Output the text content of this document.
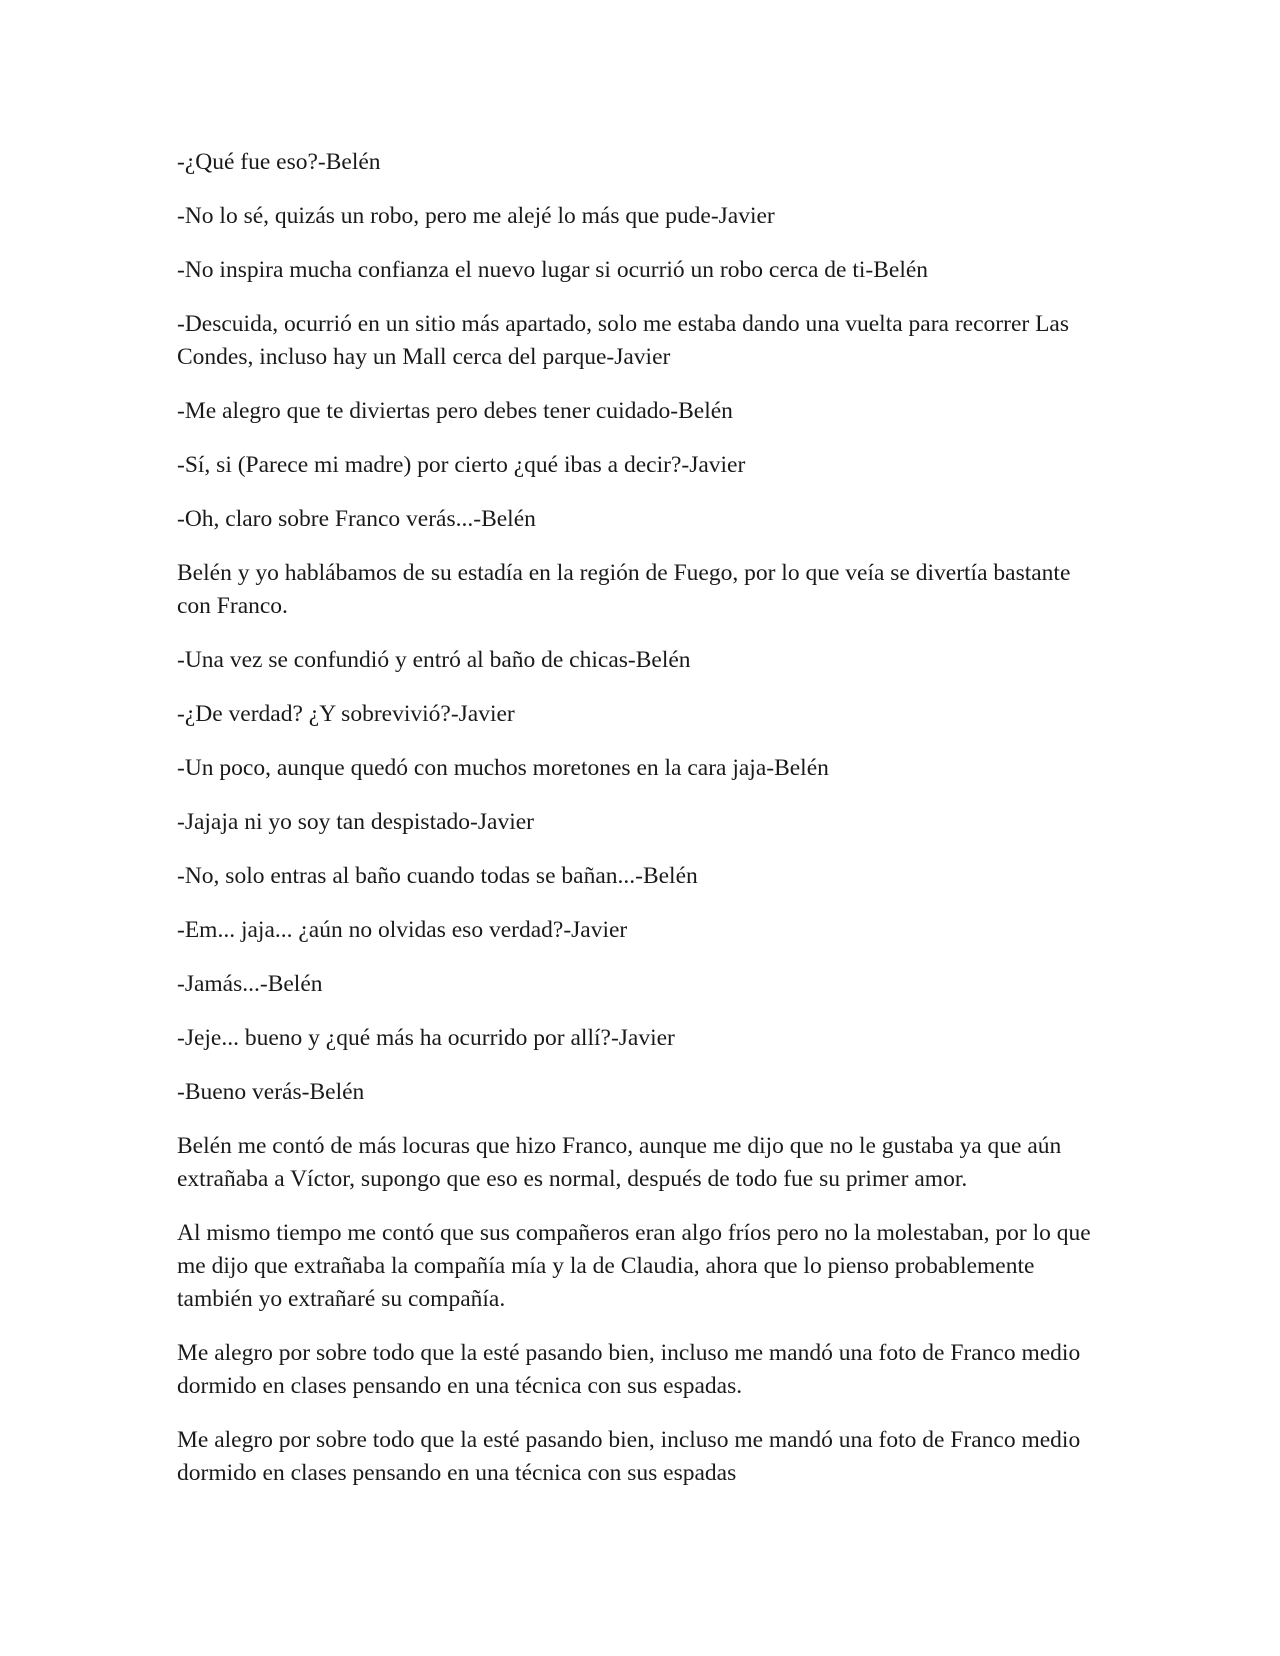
-¿Qué fue eso?-Belén

-No lo sé, quizás un robo, pero me alejé lo más que pude-Javier

-No inspira mucha confianza el nuevo lugar si ocurrió un robo cerca de ti-Belén

-Descuida, ocurrió en un sitio más apartado, solo me estaba dando una vuelta para recorrer Las Condes, incluso hay un Mall cerca del parque-Javier

-Me alegro que te diviertas pero debes tener cuidado-Belén

-Sí, si (Parece mi madre) por cierto ¿qué ibas a decir?-Javier

-Oh, claro sobre Franco verás...-Belén

Belén y yo hablábamos de su estadía en la región de Fuego, por lo que veía se divertía bastante con Franco.

-Una vez se confundió y entró al baño de chicas-Belén

-¿De verdad? ¿Y sobrevivió?-Javier

-Un poco, aunque quedó con muchos moretones en la cara jaja-Belén

-Jajaja ni yo soy tan despistado-Javier

-No, solo entras al baño cuando todas se bañan...-Belén

-Em... jaja... ¿aún no olvidas eso verdad?-Javier

-Jamás...-Belén

-Jeje... bueno y ¿qué más ha ocurrido por allí?-Javier

-Bueno verás-Belén

Belén me contó de más locuras que hizo Franco, aunque me dijo que no le gustaba ya que aún extrañaba a Víctor, supongo que eso es normal, después de todo fue su primer amor.

Al mismo tiempo me contó que sus compañeros eran algo fríos pero no la molestaban, por lo que me dijo que extrañaba la compañía mía y la de Claudia, ahora que lo pienso probablemente también yo extrañaré su compañía.

Me alegro por sobre todo que la esté pasando bien, incluso me mandó una foto de Franco medio dormido en clases pensando en una técnica con sus espadas.

Me alegro por sobre todo que la esté pasando bien, incluso me mandó una foto de Franco medio dormido en clases pensando en una técnica con sus espadas
